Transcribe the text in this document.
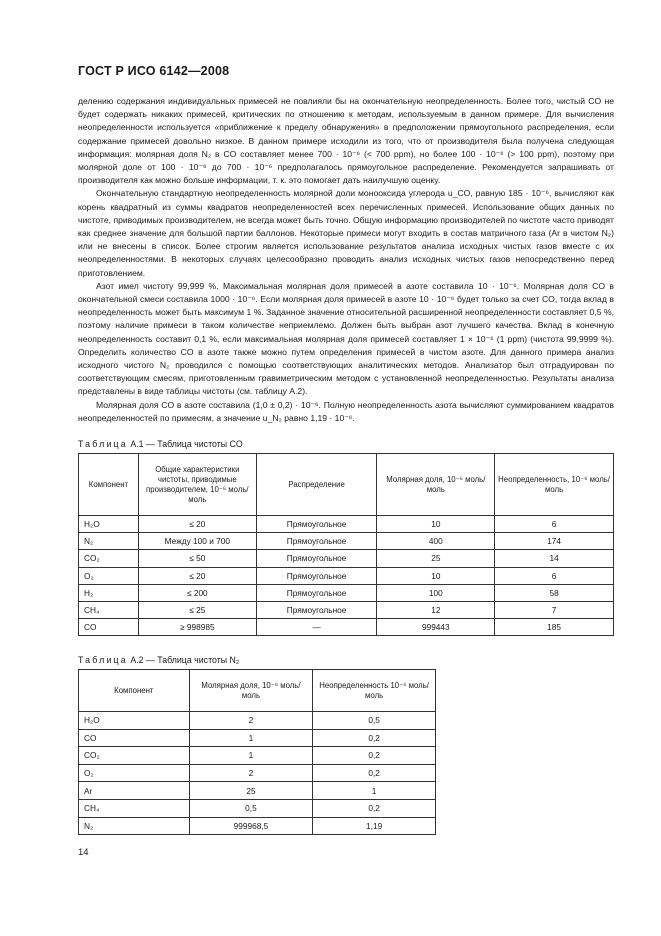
ГОСТ Р ИСО 6142—2008

делению содержания индивидуальных примесей не повлияли бы на окончательную неопределенность. Более того, чистый CO не будет содержать никаких примесей, критических по отношению к методам, используемым в данном примере. Для вычисления неопределенности используется «приближение к пределу обнаружения» в предположении прямоугольного распределения, если содержание примесей довольно низкое. В данном примере исходили из того, что от производителя была получена следующая информация: молярная доля N₂ в CO составляет менее 700 · 10⁻⁶ (< 700 ppm), но более 100 · 10⁻⁶ (> 100 ppm), поэтому при молярной доле от 100 · 10⁻⁶ до 700 · 10⁻⁶ предполагалось прямоугольное распределение. Рекомендуется запрашивать от производителя как можно больше информации, т. к. это помогает дать наилучшую оценку.

Окончательную стандартную неопределенность молярной доли монооксида углерода u_CO, равную 185 · 10⁻⁶, вычисляют как корень квадратный из суммы квадратов неопределенностей всех перечисленных примесей. Использование общих данных по чистоте, приводимых производителем, не всегда может быть точно. Общую информацию производителей по чистоте часто приводят как среднее значение для большой партии баллонов. Некоторые примеси могут входить в состав матричного газа (Ar в чистом N₂) или не внесены в список. Более строгим является использование результатов анализа исходных чистых газов вместе с их неопределенностями. В некоторых случаях целесообразно проводить анализ исходных чистых газов непосредственно перед приготовлением.

Азот имел чистоту 99,999 %. Максимальная молярная доля примесей в азоте составила 10 · 10⁻⁶. Молярная доля CO в окончательной смеси составила 1000 · 10⁻⁶. Если молярная доля примесей в азоте 10 · 10⁻⁶ будет только за счет CO, тогда вклад в неопределенность может быть максимум 1 %. Заданное значение относительной расширенной неопределенности составляет 0,5 %, поэтому наличие примеси в таком количестве неприемлемо. Должен быть выбран азот лучшего качества. Вклад в конечную неопределенность составит 0,1 %, если максимальная молярная доля примесей составляет 1 × 10⁻⁶ (1 ppm) (чистота 99,9999 %). Определить количество CO в азоте также можно путем определения примесей в чистом азоте. Для данного примера анализ исходного чистого N₂ проводился с помощью соответствующих аналитических методов. Анализатор был отградуирован по соответствующим смесям, приготовленным гравиметрическим методом с установленной неопределенностью. Результаты анализа представлены в виде таблицы чистоты (см. таблицу A.2).

Молярная доля CO в азоте составила (1,0 ± 0,2) · 10⁻⁶. Полную неопределенность азота вычисляют суммированием квадратов неопределенностей по примесям, а значение u_N₂ равно 1,19 · 10⁻⁶.

Таблица A.1 — Таблица чистоты CO
Компонент	Общие характеристики чистоты, приводимые производителем, 10⁻⁶ моль/моль	Распределение	Молярная доля, 10⁻⁶ моль/моль	Неопределенность, 10⁻⁶ моль/моль
H₂O	≤ 20	Прямоугольное	10	6
N₂	Между 100 и 700	Прямоугольное	400	174
CO₂	≤ 50	Прямоугольное	25	14
O₂	≤ 20	Прямоугольное	10	6
H₂	≤ 200	Прямоугольное	100	58
CH₄	≤ 25	Прямоугольное	12	7
CO	≥ 998985	—	999443	185
Таблица A.2 — Таблица чистоты N₂
Компонент	Молярная доля, 10⁻⁶ моль/моль	Неопределенность 10⁻⁶ моль/моль
H₂O	2	0,5
CO	1	0,2
CO₂	1	0,2
O₂	2	0,2
Ar	25	1
CH₄	0,5	0,2
N₂	999968,5	1,19
14
